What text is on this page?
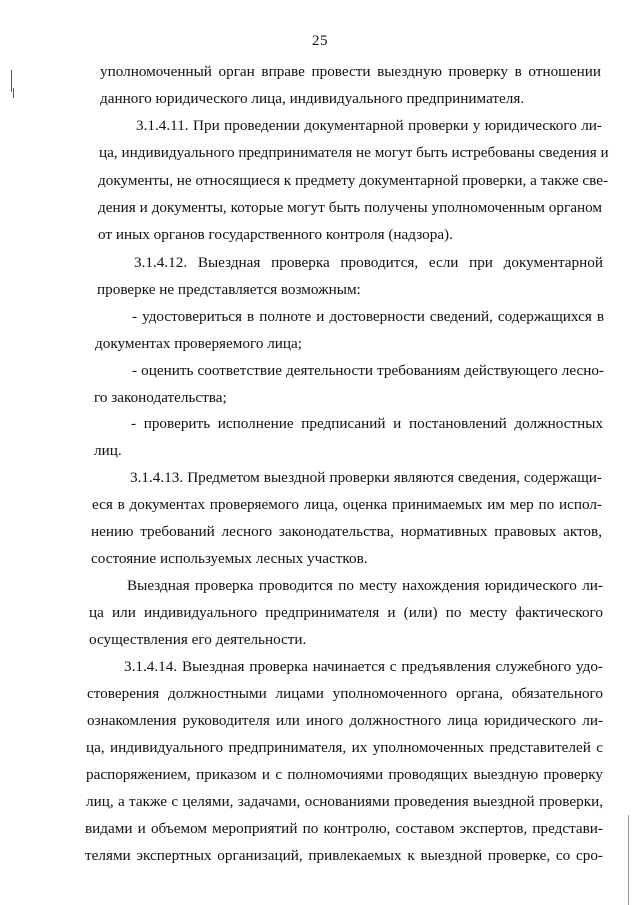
25
уполномоченный орган вправе провести выездную проверку в отношении
данного юридического лица, индивидуального предпринимателя.
3.1.4.11. При проведении документарной проверки у юридического ли-
ца, индивидуального предпринимателя не могут быть истребованы сведения и
документы, не относящиеся к предмету документарной проверки, а также све-
дения и документы, которые могут быть получены уполномоченным органом
от иных органов государственного контроля (надзора).
3.1.4.12. Выездная проверка проводится, если при документарной
проверке не представляется возможным:
- удостовериться в полноте и достоверности сведений, содержащихся в
документах проверяемого лица;
- оценить соответствие деятельности требованиям действующего лесно-
го законодательства;
- проверить исполнение предписаний и постановлений должностных
лиц.
3.1.4.13. Предметом выездной проверки являются сведения, содержащи-
еся в документах проверяемого лица, оценка принимаемых им мер по испол-
нению требований лесного законодательства, нормативных правовых актов,
состояние используемых лесных участков.
Выездная проверка проводится по месту нахождения юридического ли-
ца или индивидуального предпринимателя и (или) по месту фактического
осуществления его деятельности.
3.1.4.14. Выездная проверка начинается с предъявления служебного удо-
стоверения должностными лицами уполномоченного органа, обязательного
ознакомления руководителя или иного должностного лица юридического ли-
ца, индивидуального предпринимателя, их уполномоченных представителей с
распоряжением, приказом и с полномочиями проводящих выездную проверку
лиц, а также с целями, задачами, основаниями проведения выездной проверки,
видами и объемом мероприятий по контролю, составом экспертов, представи-
телями экспертных организаций, привлекаемых к выездной проверке, со сро-
